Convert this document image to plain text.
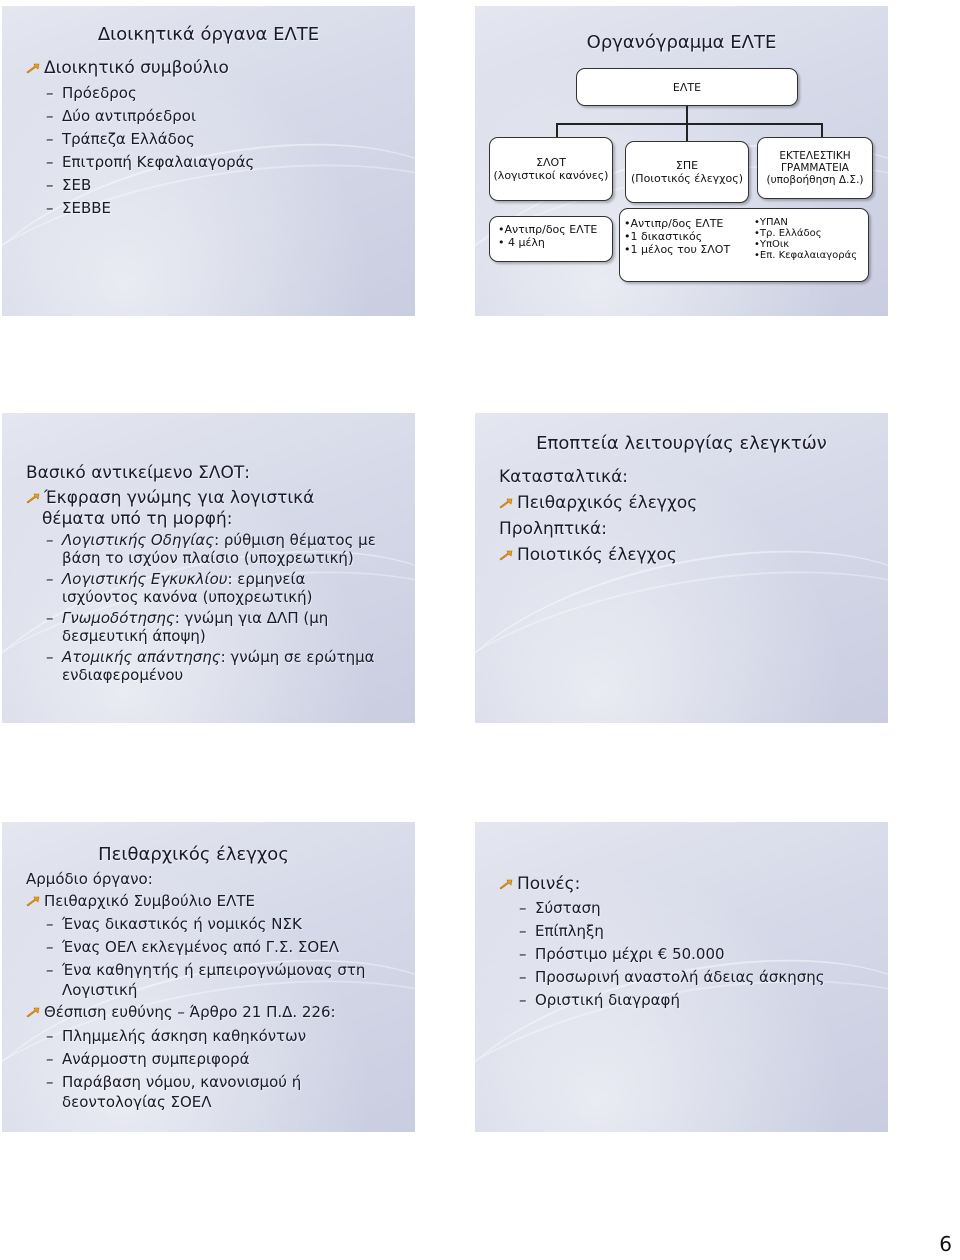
Διοικητικά όργανα ΕΛΤΕ
Διοικητικό συμβούλιο
– Πρόεδρος
– Δύο αντιπρόεδροι
– Τράπεζα Ελλάδος
– Επιτροπή Κεφαλαιαγοράς
– ΣΕΒ
– ΣΕΒΒΕ
Οργανόγραμμα ΕΛΤΕ
ΕΛΤΕ
ΣΛΟΤ
(λογιστικοί κανόνες)
ΣΠΕ
(Ποιοτικός έλεγχος)
ΕΚΤΕΛΕΣΤΙΚΗ
ΓΡΑΜΜΑΤΕΙΑ
(υποβοήθηση Δ.Σ.)
•Αντιπρ/δος ΕΛΤΕ
• 4 μέλη
•Αντιπρ/δος ΕΛΤΕ
•1 δικαστικός
•1 μέλος του ΣΛΟΤ
•ΥΠΑΝ
•Τρ. Ελλάδος
•ΥπΟικ
•Επ. Κεφαλαιαγοράς
Βασικό αντικείμενο ΣΛΟΤ:
Έκφραση γνώμης για λογιστικά
θέματα υπό τη μορφή:
– Λογιστικής Οδηγίας: ρύθμιση θέματος με
βάση το ισχύον πλαίσιο (υποχρεωτική)
– Λογιστικής Εγκυκλίου: ερμηνεία
ισχύοντος κανόνα (υποχρεωτική)
– Γνωμοδότησης: γνώμη για ΔΛΠ (μη
δεσμευτική άποψη)
– Ατομικής απάντησης: γνώμη σε ερώτημα
ενδιαφερομένου
Εποπτεία λειτουργίας ελεγκτών
Κατασταλτικά:
Πειθαρχικός έλεγχος
Προληπτικά:
Ποιοτικός έλεγχος
Πειθαρχικός έλεγχος
Αρμόδιο όργανο:
Πειθαρχικό Συμβούλιο ΕΛΤΕ
– Ένας δικαστικός ή νομικός ΝΣΚ
– Ένας ΟΕΛ εκλεγμένος από Γ.Σ. ΣΟΕΛ
– Ένα καθηγητής ή εμπειρογνώμονας στη
Λογιστική
Θέσπιση ευθύνης – Άρθρο 21 Π.Δ. 226:
– Πλημμελής άσκηση καθηκόντων
– Ανάρμοστη συμπεριφορά
– Παράβαση νόμου, κανονισμού ή
δεοντολογίας ΣΟΕΛ
Ποινές:
– Σύσταση
– Επίπληξη
– Πρόστιμο μέχρι € 50.000
– Προσωρινή αναστολή άδειας άσκησης
– Οριστική διαγραφή
6
